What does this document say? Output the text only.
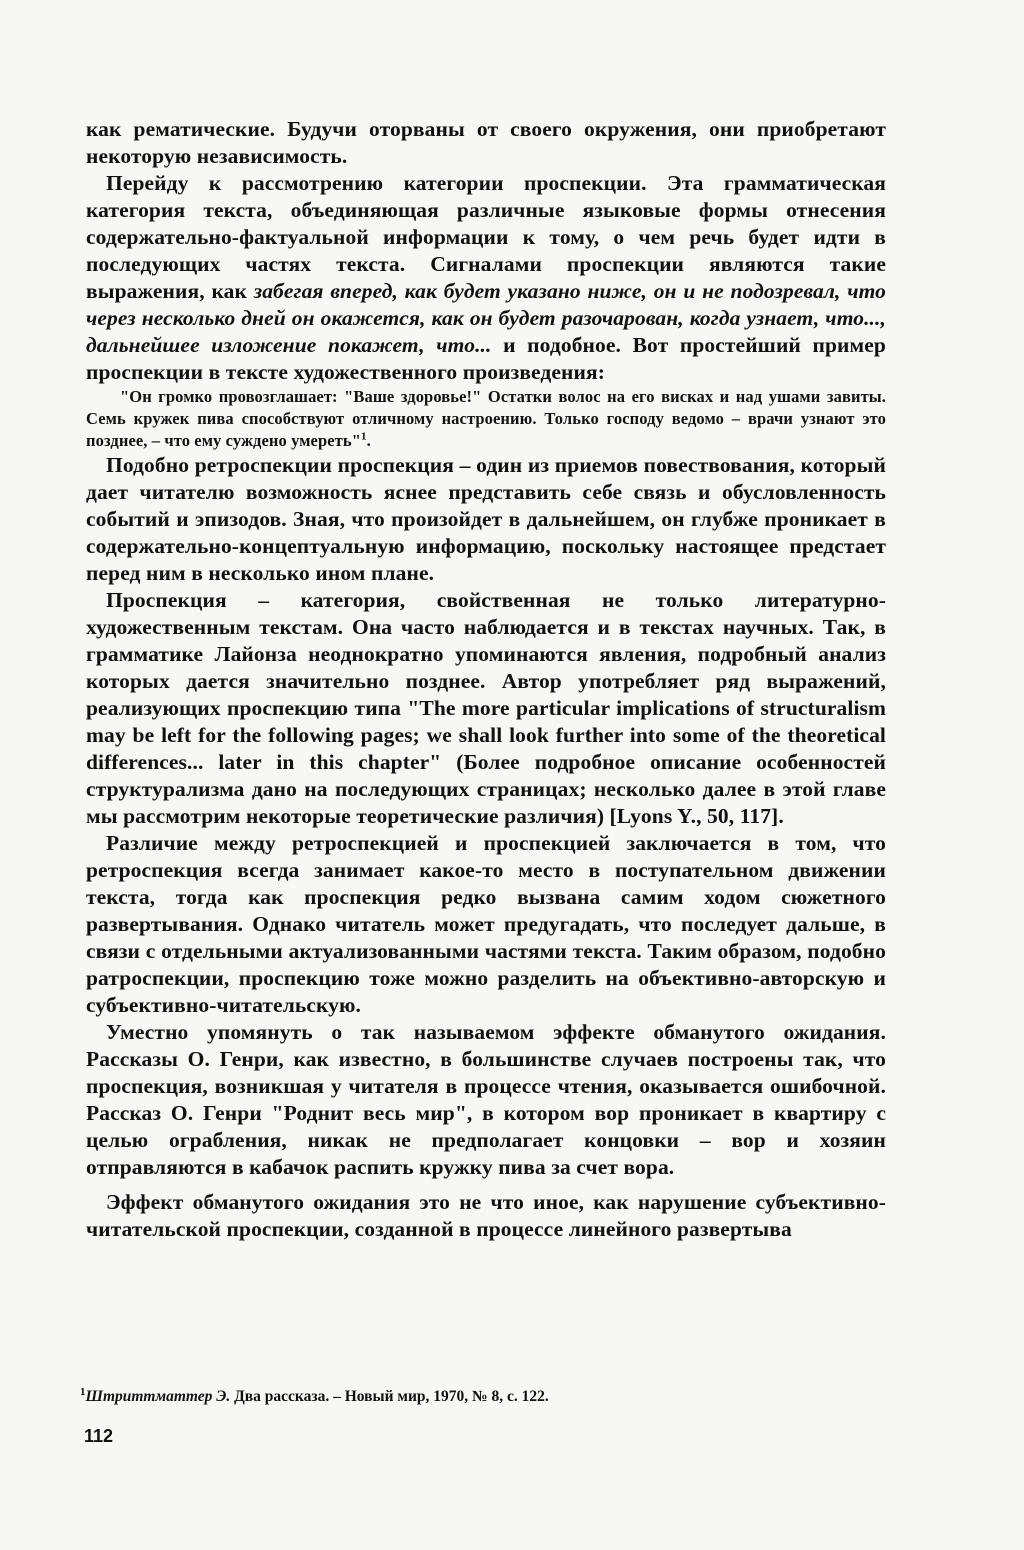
как рематические. Будучи оторваны от своего окружения, они приобретают некоторую независимость.

Перейду к рассмотрению категории проспекции. Эта грамматическая категория текста, объединяющая различные языковые формы отнесения содержательно-фактуальной информации к тому, о чем речь будет идти в последующих частях текста. Сигналами проспекции являются такие выражения, как забегая вперед, как будет указано ниже, он и не подозревал, что через несколько дней он окажется, как он будет разочарован, когда узнает, что..., дальнейшее изложение покажет, что... и подобное. Вот простейший пример проспекции в тексте художественного произведения:

"Он громко провозглашает: "Ваше здоровье!" Остатки волос на его висках и над ушами завиты. Семь кружек пива способствуют отличному настроению. Только господу ведомо – врачи узнают это позднее, – что ему суждено умереть"$^1$.

Подобно ретроспекции проспекция – один из приемов повествования, который дает читателю возможность яснее представить себе связь и обусловленность событий и эпизодов. Зная, что произойдет в дальнейшем, он глубже проникает в содержательно-концептуальную информацию, поскольку настоящее предстает перед ним в несколько ином плане.

Проспекция – категория, свойственная не только литературно-художественным текстам. Она часто наблюдается и в текстах научных. Так, в грамматике Лайонза неоднократно упоминаются явления, подробный анализ которых дается значительно позднее. Автор употребляет ряд выражений, реализующих проспекцию типа "The more particular implications of structuralism may be left for the following pages; we shall look further into some of the theoretical differences... later in this chapter" (Более подробное описание особенностей структурализма дано на последующих страницах; несколько далее в этой главе мы рассмотрим некоторые теоретические различия) [Lyons Y., 50, 117].

Различие между ретроспекцией и проспекцией заключается в том, что ретроспекция всегда занимает какое-то место в поступательном движении текста, тогда как проспекция редко вызвана самим ходом сюжетного развертывания. Однако читатель может предугадать, что последует дальше, в связи с отдельными актуализованными частями текста. Таким образом, подобно ратроспекции, проспекцию тоже можно разделить на объективно-авторскую и субъективно-читательскую.

Уместно упомянуть о так называемом эффекте обманутого ожидания. Рассказы О. Генри, как известно, в большинстве случаев построены так, что проспекция, возникшая у читателя в процессе чтения, оказывается ошибочной. Рассказ О. Генри "Роднит весь мир", в котором вор проникает в квартиру с целью ограбления, никак не предполагает концовки – вор и хозяин отправляются в кабачок распить кружку пива за счет вора.

Эффект обманутого ожидания это не что иное, как нарушение субъективно-читательской проспекции, созданной в процессе линейного развертыва

$^1$Штриттматтер Э. Два рассказа. – Новый мир, 1970, № 8, с. 122.
112
